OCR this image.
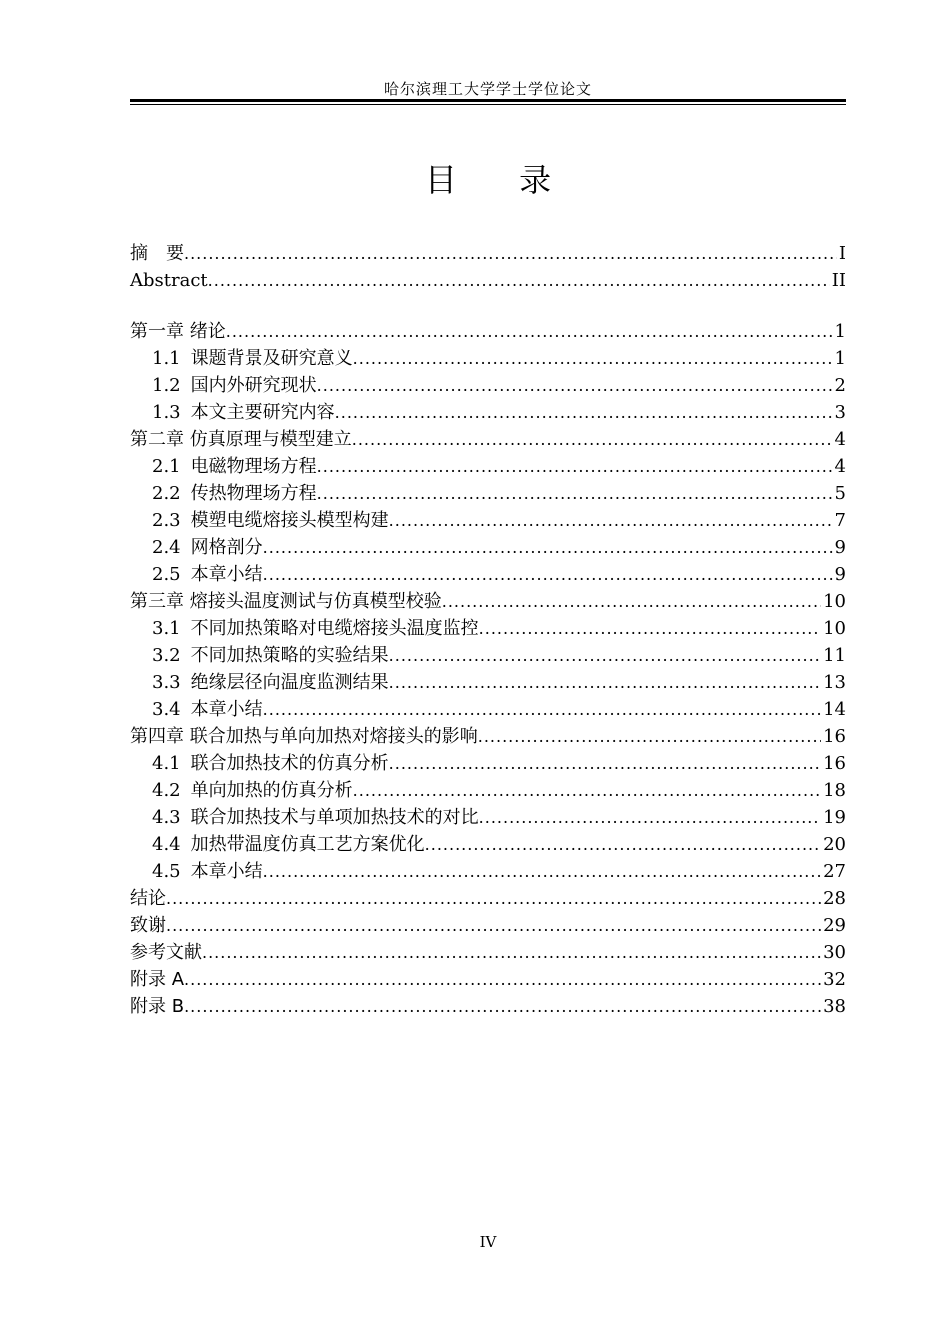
哈尔滨理工大学学士学位论文
目 录
摘　要 .....	I
Abstract .....	II
第一章 绪论 .....	1
1.1 课题背景及研究意义 .....	1
1.2 国内外研究现状 .....	2
1.3 本文主要研究内容 .....	3
第二章 仿真原理与模型建立 .....	4
2.1 电磁物理场方程 .....	4
2.2 传热物理场方程 .....	5
2.3 模塑电缆熔接头模型构建 .....	7
2.4 网格剖分 .....	9
2.5 本章小结 .....	9
第三章 熔接头温度测试与仿真模型校验 .....	10
3.1 不同加热策略对电缆熔接头温度监控 .....	10
3.2 不同加热策略的实验结果 .....	11
3.3 绝缘层径向温度监测结果 .....	13
3.4 本章小结 .....	14
第四章 联合加热与单向加热对熔接头的影响 .....	16
4.1 联合加热技术的仿真分析 .....	16
4.2 单向加热的仿真分析 .....	18
4.3 联合加热技术与单项加热技术的对比 .....	19
4.4 加热带温度仿真工艺方案优化 .....	20
4.5 本章小结 .....	27
结论 .....	28
致谢 .....	29
参考文献 .....	30
附录 A .....	32
附录 B .....	38
IV
